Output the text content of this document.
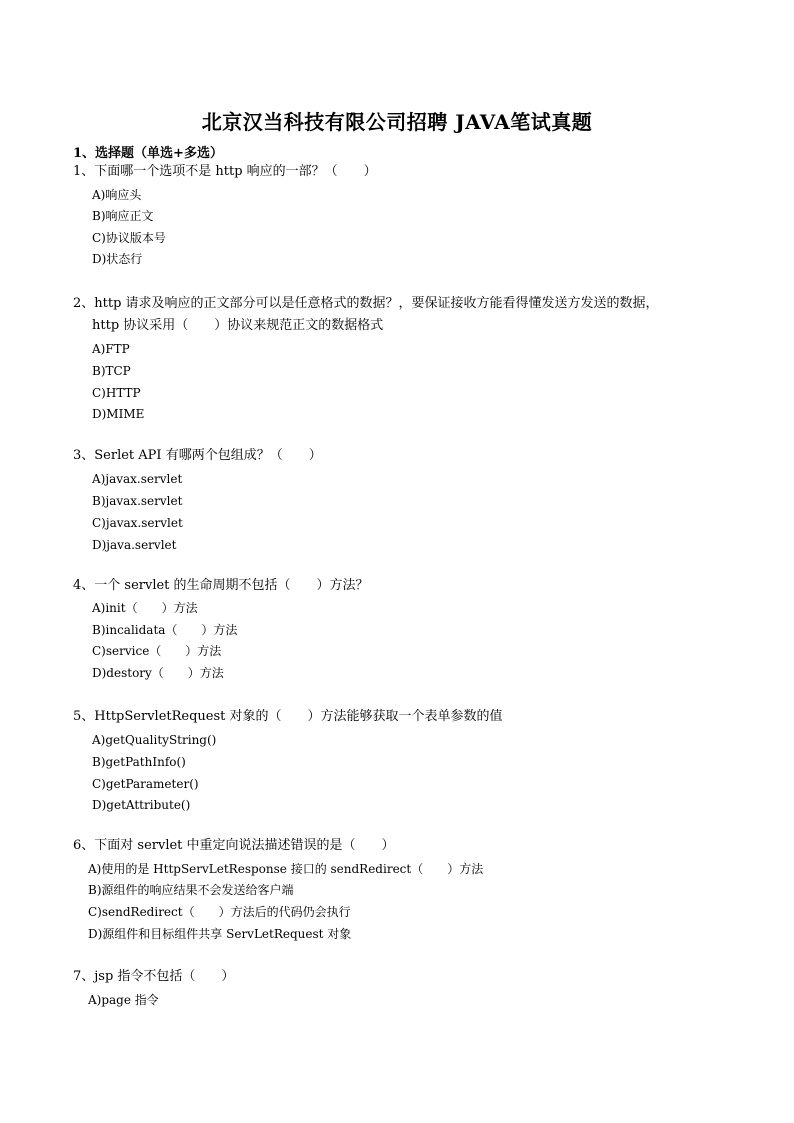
北京汉当科技有限公司招聘 JAVA笔试真题
1、选择题（单选+多选）
1、下面哪一个选项不是 http 响应的一部？（　　）
A)响应头
B)响应正文
C)协议版本号
D)状态行
2、http 请求及响应的正文部分可以是任意格式的数据？，要保证接收方能看得懂发送方发送的数据，
http 协议采用（　　）协议来规范正文的数据格式
A)FTP
B)TCP
C)HTTP
D)MIME
3、Serlet API 有哪两个包组成？（　　）
A)javax.servlet
B)javax.servlet
C)javax.servlet
D)java.servlet
4、一个 servlet 的生命周期不包括（　　）方法？
A)init（　　）方法
B)incalidata（　　）方法
C)service（　　）方法
D)destory（　　）方法
5、HttpServletRequest 对象的（　　）方法能够获取一个表单参数的值
A)getQualityString()
B)getPathInfo()
C)getParameter()
D)getAttribute()
6、下面对 servlet 中重定向说法描述错误的是（　　）
A)使用的是 HttpServLetResponse 接口的 sendRedirect（　　）方法
B)源组件的响应结果不会发送给客户端
C)sendRedirect（　　）方法后的代码仍会执行
D)源组件和目标组件共享 ServLetRequest 对象
7、jsp 指令不包括（　　）
A)page 指令
